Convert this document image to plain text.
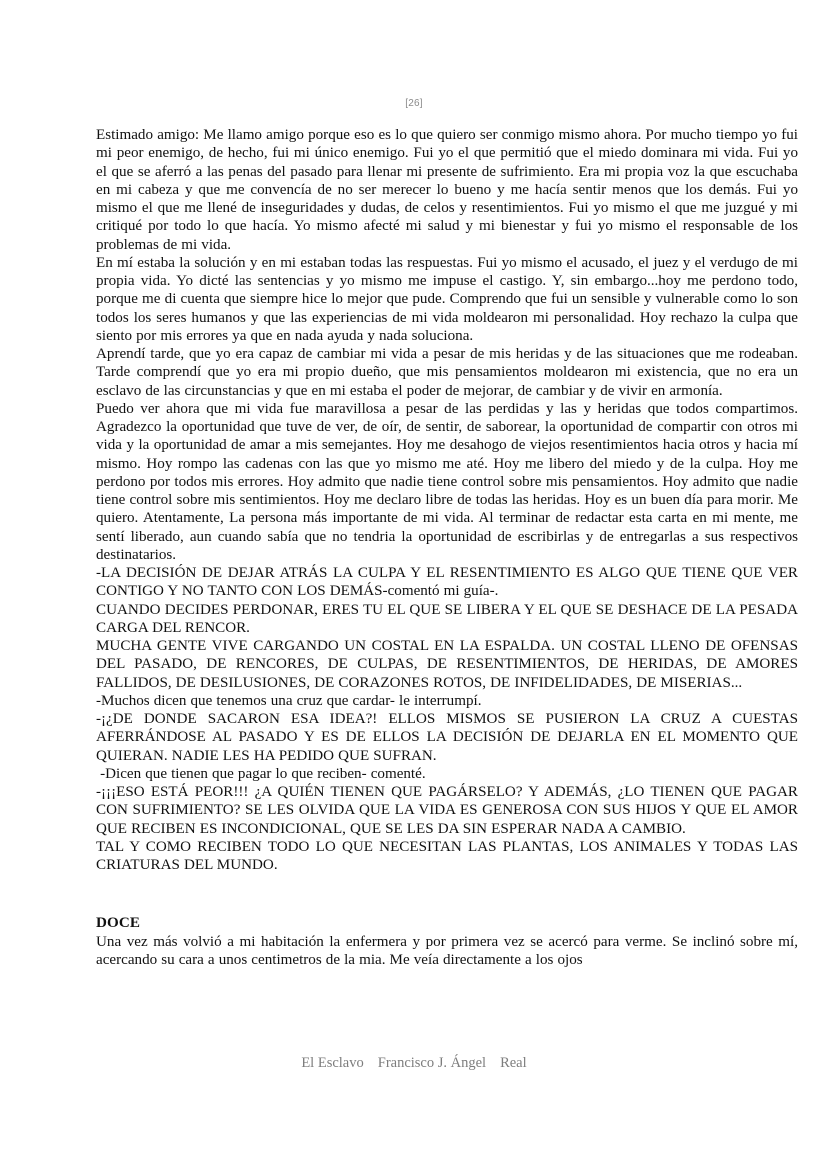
[26]

Estimado amigo: Me llamo amigo porque eso es lo que quiero ser conmigo mismo ahora. Por mucho tiempo yo fui mi peor enemigo, de hecho, fui mi único enemigo. Fui yo el que permitió que el miedo dominara mi vida. Fui yo el que se aferró a las penas del pasado para llenar mi presente de sufrimiento. Era mi propia voz la que escuchaba en mi cabeza y que me convencía de no ser merecer lo bueno y me hacía sentir menos que los demás. Fui yo mismo el que me llené de inseguridades y dudas, de celos y resentimientos. Fui yo mismo el que me juzgué y mi critiqué por todo lo que hacía. Yo mismo afecté mi salud y mi bienestar y fui yo mismo el responsable de los problemas de mi vida.

En mí estaba la solución y en mi estaban todas las respuestas. Fui yo mismo el acusado, el juez y el verdugo de mi propia vida. Yo dicté las sentencias y yo mismo me impuse el castigo. Y, sin embargo...hoy me perdono todo, porque me di cuenta que siempre hice lo mejor que pude. Comprendo que fui un sensible y vulnerable como lo son todos los seres humanos y que las experiencias de mi vida moldearon mi personalidad. Hoy rechazo la culpa que siento por mis errores ya que en nada ayuda y nada soluciona.

Aprendí tarde, que yo era capaz de cambiar mi vida a pesar de mis heridas y de las situaciones que me rodeaban. Tarde comprendí que yo era mi propio dueño, que mis pensamientos moldearon mi existencia, que no era un esclavo de las circunstancias y que en mi estaba el poder de mejorar, de cambiar y de vivir en armonía.

Puedo ver ahora que mi vida fue maravillosa a pesar de las perdidas y las y heridas que todos compartimos. Agradezco la oportunidad que tuve de ver, de oír, de sentir, de saborear, la oportunidad de compartir con otros mi vida y la oportunidad de amar a mis semejantes. Hoy me desahogo de viejos resentimientos hacia otros y hacia mí mismo. Hoy rompo las cadenas con las que yo mismo me até. Hoy me libero del miedo y de la culpa. Hoy me perdono por todos mis errores. Hoy admito que nadie tiene control sobre mis pensamientos. Hoy admito que nadie tiene control sobre mis sentimientos. Hoy me declaro libre de todas las heridas. Hoy es un buen día para morir. Me quiero. Atentamente, La persona más importante de mi vida. Al terminar de redactar esta carta en mi mente, me sentí liberado, aun cuando sabía que no tendria la oportunidad de escribirlas y de entregarlas a sus respectivos destinatarios.

-LA DECISIÓN DE DEJAR ATRÁS LA CULPA Y EL RESENTIMIENTO ES ALGO QUE TIENE QUE VER CONTIGO Y NO TANTO CON LOS DEMÁS-comentó mi guía-.

CUANDO DECIDES PERDONAR, ERES TU EL QUE SE LIBERA Y EL QUE SE DESHACE DE LA PESADA CARGA DEL RENCOR.

MUCHA GENTE VIVE CARGANDO UN COSTAL EN LA ESPALDA. UN COSTAL LLENO DE OFENSAS DEL PASADO, DE RENCORES, DE CULPAS, DE RESENTIMIENTOS, DE HERIDAS, DE AMORES FALLIDOS, DE DESILUSIONES, DE CORAZONES ROTOS, DE INFIDELIDADES, DE MISERIAS...

-Muchos dicen que tenemos una cruz que cardar- le interrumpí.

-¡¿DE DONDE SACARON ESA IDEA?! ELLOS MISMOS SE PUSIERON LA CRUZ A CUESTAS AFERRÁNDOSE AL PASADO Y ES DE ELLOS LA DECISIÓN DE DEJARLA EN EL MOMENTO QUE QUIERAN. NADIE LES HA PEDIDO QUE SUFRAN.

-Dicen que tienen que pagar lo que reciben- comenté.

-¡¡¡ESO ESTÁ PEOR!!! ¿A QUIÉN TIENEN QUE PAGÁRSELO? Y ADEMÁS, ¿LO TIENEN QUE PAGAR CON SUFRIMIENTO? SE LES OLVIDA QUE LA VIDA ES GENEROSA CON SUS HIJOS Y QUE EL AMOR QUE RECIBEN ES INCONDICIONAL, QUE SE LES DA SIN ESPERAR NADA A CAMBIO.

TAL Y COMO RECIBEN TODO LO QUE NECESITAN LAS PLANTAS, LOS ANIMALES Y TODAS LAS CRIATURAS DEL MUNDO.

DOCE

Una vez más volvió a mi habitación la enfermera y por primera vez se acercó para verme. Se inclinó sobre mí, acercando su cara a unos centimetros de la mia. Me veía directamente a los ojos

El Esclavo Francisco J. Ángel Real
